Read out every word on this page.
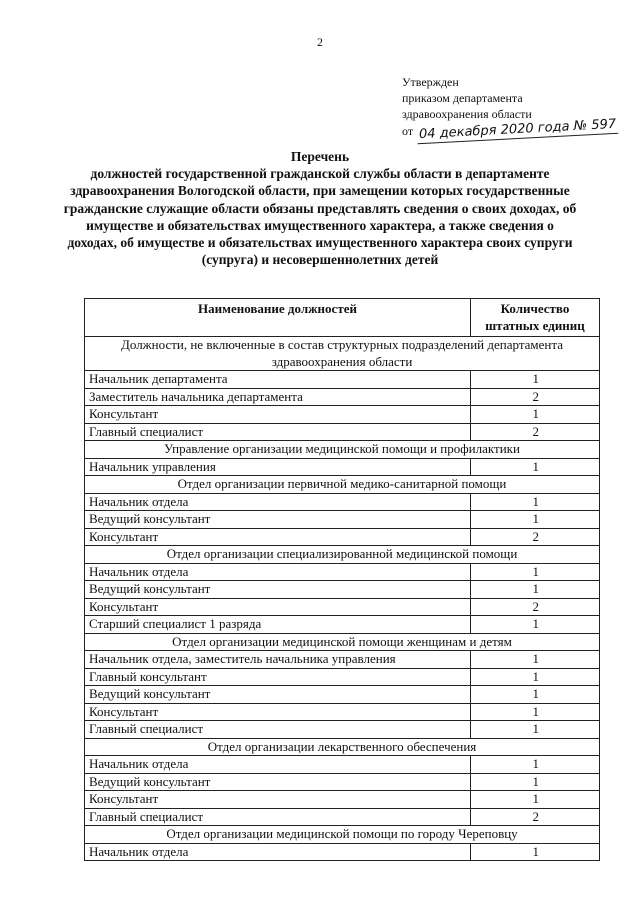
2
Утвержден
приказом департамента
здравоохранения области
от 04 декабря 2020 года № 597
Перечень
должностей государственной гражданской службы области в департаменте здравоохранения Вологодской области, при замещении которых государственные гражданские служащие области обязаны представлять сведения о своих доходах, об имуществе и обязательствах имущественного характера, а также сведения о доходах, об имуществе и обязательствах имущественного характера своих супруги (супруга) и несовершеннолетних детей
Наименование должностей	Количество
штатных единиц

Должности, не включенные в состав структурных подразделений департамента здравоохранения области	
Начальник департамента	1
Заместитель начальника департамента	2
Консультант	1
Главный специалист	2
Управление организации медицинской помощи и профилактики	
Начальник управления	1
Отдел организации первичной медико-санитарной помощи	
Начальник отдела	1
Ведущий консультант	1
Консультант	2
Отдел организации специализированной медицинской помощи	
Начальник отдела	1
Ведущий консультант	1
Консультант	2
Старший специалист 1 разряда	1
Отдел организации медицинской помощи женщинам и детям	
Начальник отдела, заместитель начальника управления	1
Главный консультант	1
Ведущий консультант	1
Консультант	1
Главный специалист	1
Отдел организации лекарственного обеспечения	
Начальник отдела	1
Ведущий консультант	1
Консультант	1
Главный специалист	2
Отдел организации медицинской помощи по городу Череповцу	
Начальник отдела	1
